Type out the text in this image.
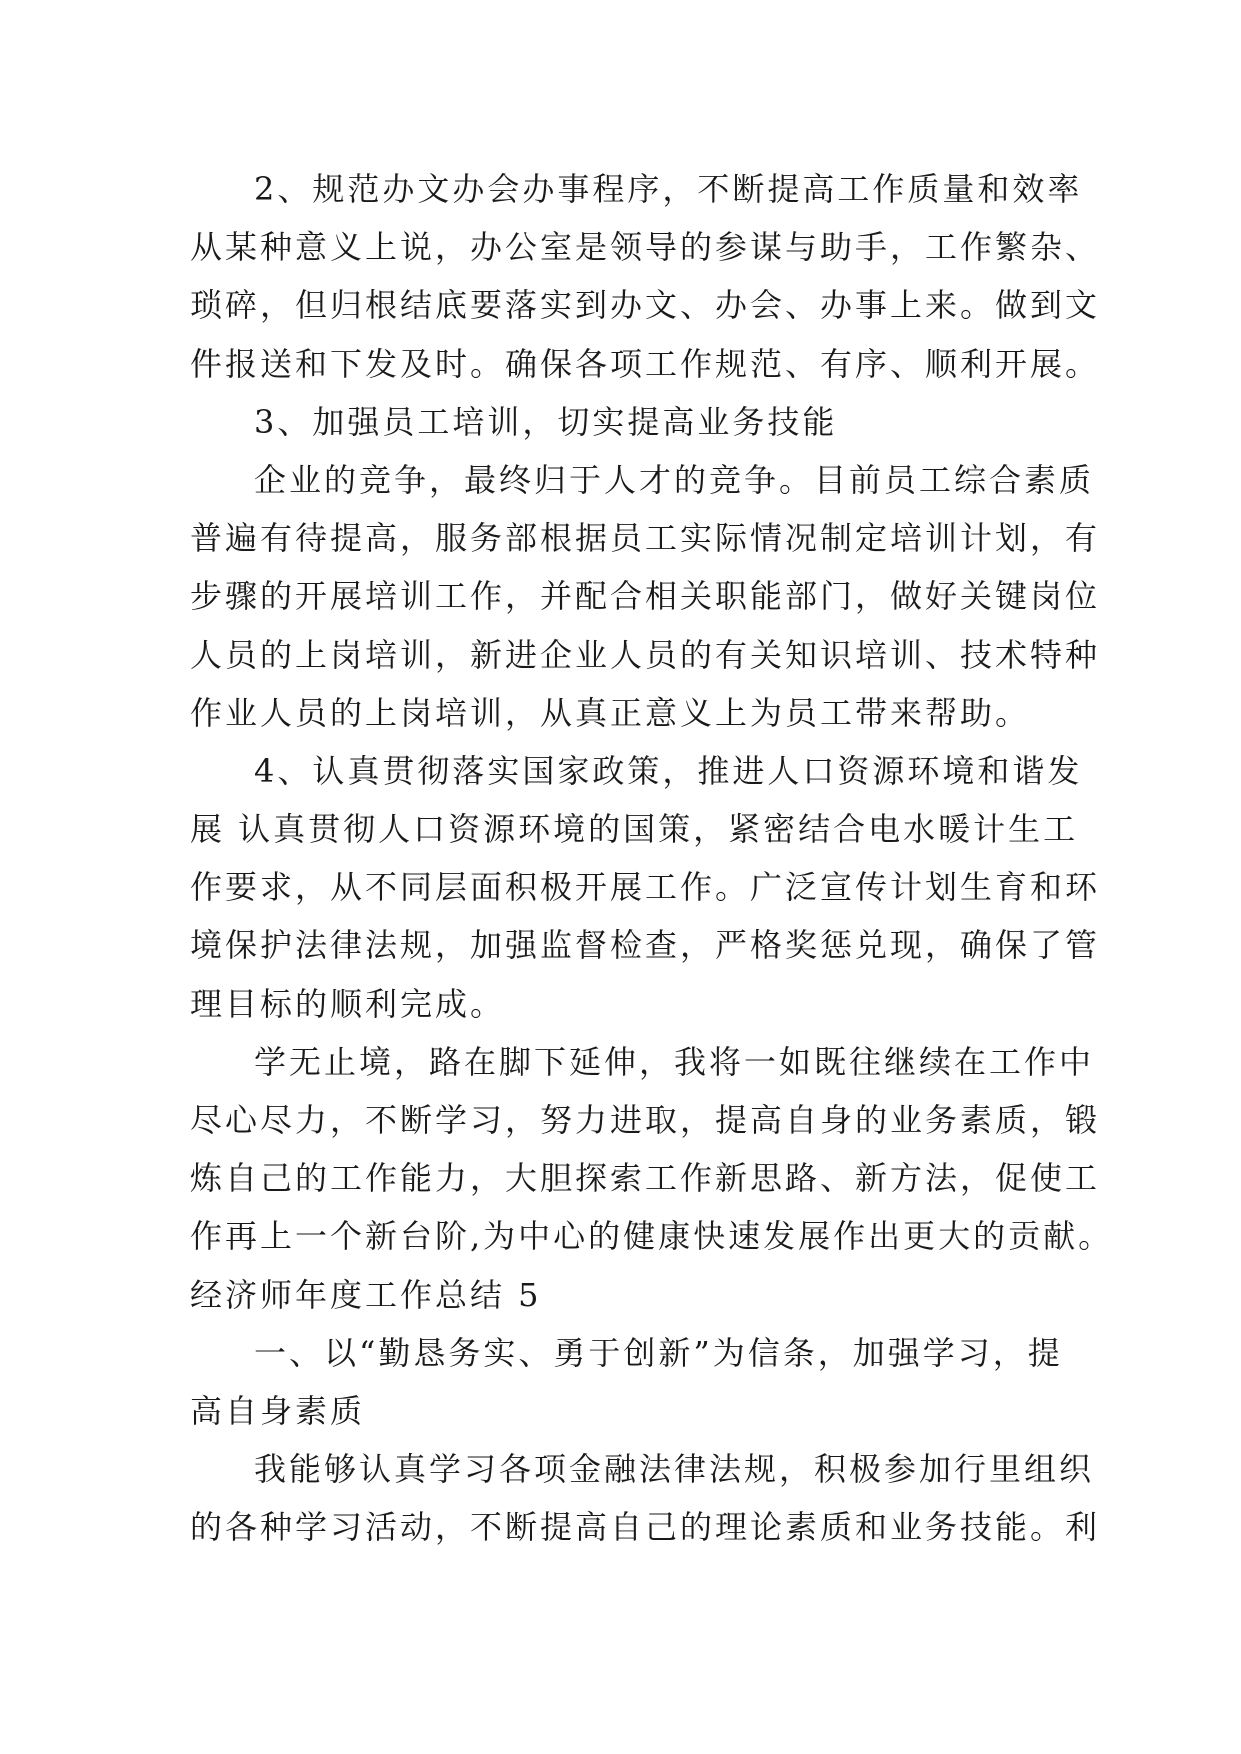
2、规范办文办会办事程序，不断提高工作质量和效率
从某种意义上说，办公室是领导的参谋与助手，工作繁杂、
琐碎，但归根结底要落实到办文、办会、办事上来。做到文
件报送和下发及时。确保各项工作规范、有序、顺利开展。
3、加强员工培训，切实提高业务技能
企业的竞争，最终归于人才的竞争。目前员工综合素质
普遍有待提高，服务部根据员工实际情况制定培训计划，有
步骤的开展培训工作，并配合相关职能部门，做好关键岗位
人员的上岗培训，新进企业人员的有关知识培训、技术特种
作业人员的上岗培训，从真正意义上为员工带来帮助。
4、认真贯彻落实国家政策，推进人口资源环境和谐发
展 认真贯彻人口资源环境的国策，紧密结合电水暖计生工
作要求，从不同层面积极开展工作。广泛宣传计划生育和环
境保护法律法规，加强监督检查，严格奖惩兑现，确保了管
理目标的顺利完成。
学无止境，路在脚下延伸，我将一如既往继续在工作中
尽心尽力，不断学习，努力进取，提高自身的业务素质，锻
炼自己的工作能力，大胆探索工作新思路、新方法，促使工
作再上一个新台阶,为中心的健康快速发展作出更大的贡献。
经济师年度工作总结 5
一、以“勤恳务实、勇于创新”为信条，加强学习，提
高自身素质
我能够认真学习各项金融法律法规，积极参加行里组织
的各种学习活动，不断提高自己的理论素质和业务技能。利
